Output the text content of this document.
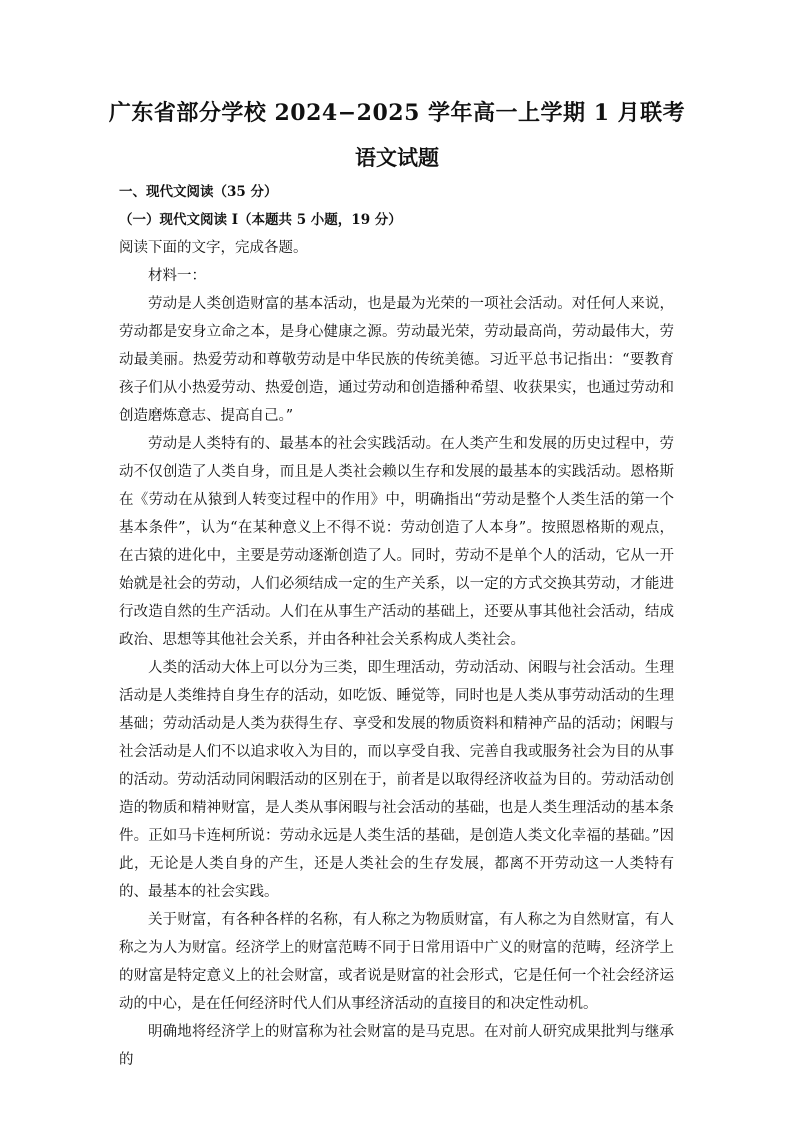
广东省部分学校 2024−2025 学年高一上学期 1 月联考
语文试题
一、现代文阅读（35 分）
（一）现代文阅读 I（本题共 5 小题，19 分）
阅读下面的文字，完成各题。

材料一：

劳动是人类创造财富的基本活动，也是最为光荣的一项社会活动。对任何人来说，劳动都是安身立命之本，是身心健康之源。劳动最光荣，劳动最高尚，劳动最伟大，劳动最美丽。热爱劳动和尊敬劳动是中华民族的传统美德。习近平总书记指出：“要教育孩子们从小热爱劳动、热爱创造，通过劳动和创造播种希望、收获果实，也通过劳动和创造磨炼意志、提高自己。”

劳动是人类特有的、最基本的社会实践活动。在人类产生和发展的历史过程中，劳动不仅创造了人类自身，而且是人类社会赖以生存和发展的最基本的实践活动。恩格斯在《劳动在从猿到人转变过程中的作用》中，明确指出“劳动是整个人类生活的第一个基本条件”，认为“在某种意义上不得不说：劳动创造了人本身”。按照恩格斯的观点，在古猿的进化中，主要是劳动逐渐创造了人。同时，劳动不是单个人的活动，它从一开始就是社会的劳动，人们必须结成一定的生产关系，以一定的方式交换其劳动，才能进行改造自然的生产活动。人们在从事生产活动的基础上，还要从事其他社会活动，结成政治、思想等其他社会关系，并由各种社会关系构成人类社会。

人类的活动大体上可以分为三类，即生理活动，劳动活动、闲暇与社会活动。生理活动是人类维持自身生存的活动，如吃饭、睡觉等，同时也是人类从事劳动活动的生理基础；劳动活动是人类为获得生存、享受和发展的物质资料和精神产品的活动；闲暇与社会活动是人们不以追求收入为目的，而以享受自我、完善自我或服务社会为目的从事的活动。劳动活动同闲暇活动的区别在于，前者是以取得经济收益为目的。劳动活动创造的物质和精神财富，是人类从事闲暇与社会活动的基础，也是人类生理活动的基本条件。正如马卡连柯所说：劳动永远是人类生活的基础，是创造人类文化幸福的基础。”因此，无论是人类自身的产生，还是人类社会的生存发展，都离不开劳动这一人类特有的、最基本的社会实践。

关于财富，有各种各样的名称，有人称之为物质财富，有人称之为自然财富，有人称之为人为财富。经济学上的财富范畴不同于日常用语中广义的财富的范畴，经济学上的财富是特定意义上的社会财富，或者说是财富的社会形式，它是任何一个社会经济运动的中心，是在任何经济时代人们从事经济活动的直接目的和决定性动机。

明确地将经济学上的财富称为社会财富的是马克思。在对前人研究成果批判与继承的
